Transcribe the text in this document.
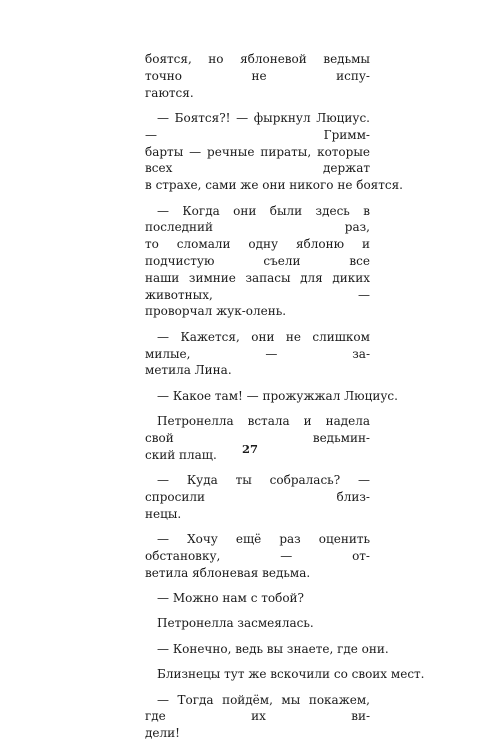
боятся, но яблоневой ведьмы точно не испу-
гаются.
— Боятся?! — фыркнул Люциус. — Гримм-
барты — речные пираты, которые всех держат
в страхе, сами же они никого не боятся.
— Когда они были здесь в последний раз,
то сломали одну яблоню и подчистую съели все
наши зимние запасы для диких животных, —
проворчал жук-олень.
— Кажется, они не слишком милые, — за-
метила Лина.
— Какое там! — прожужжал Люциус.
Петронелла встала и надела свой ведьмин-
ский плащ.
— Куда ты собралась? — спросили близ-
нецы.
— Хочу ещё раз оценить обстановку, — от-
ветила яблоневая ведьма.
— Можно нам с тобой?
Петронелла засмеялась.
— Конечно, ведь вы знаете, где они.
Близнецы тут же вскочили со своих мест.
— Тогда пойдём, мы покажем, где их ви-
дели!
27
